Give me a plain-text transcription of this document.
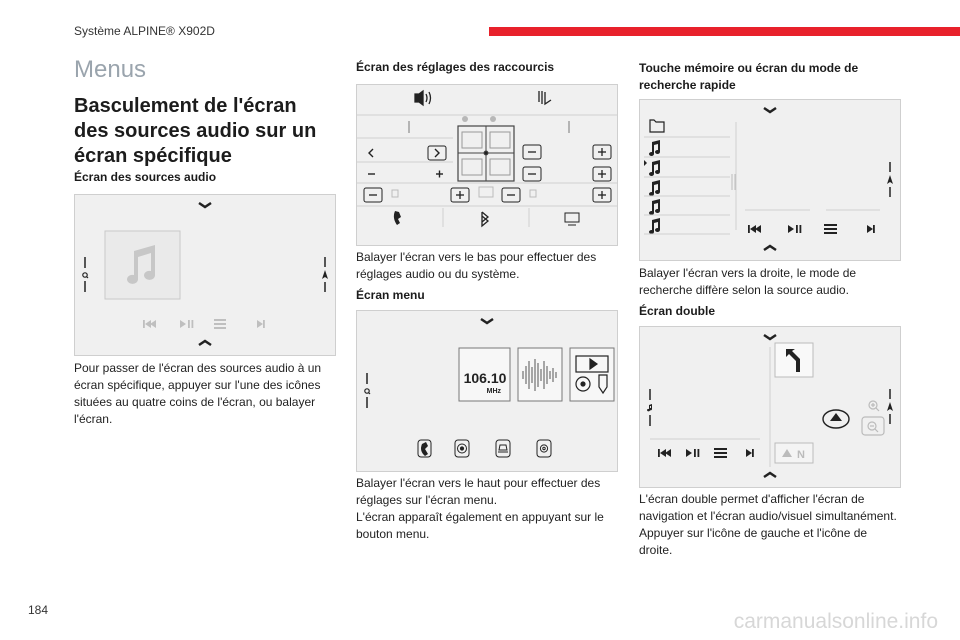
Système ALPINE® X902D
Menus
Basculement de l'écran des sources audio sur un écran spécifique
Écran des sources audio
Pour passer de l'écran des sources audio à un écran spécifique, appuyer sur l'une des icônes situées au quatre coins de l'écran, ou balayer l'écran.
Écran des réglages des raccourcis
Balayer l'écran vers le bas pour effectuer des réglages audio ou du système.
Écran menu
106.10
MHz
Balayer l'écran vers le haut pour effectuer des réglages sur l'écran menu.
L'écran apparaît également en appuyant sur le bouton menu.
Touche mémoire ou écran du mode de recherche rapide
Balayer l'écran vers la droite, le mode de recherche diffère selon la source audio.
Écran double
N
L'écran double permet d'afficher l'écran de navigation et l'écran audio/visuel simultanément. Appuyer sur l'icône de gauche et l'icône de droite.
184	carmanualsonline.info
